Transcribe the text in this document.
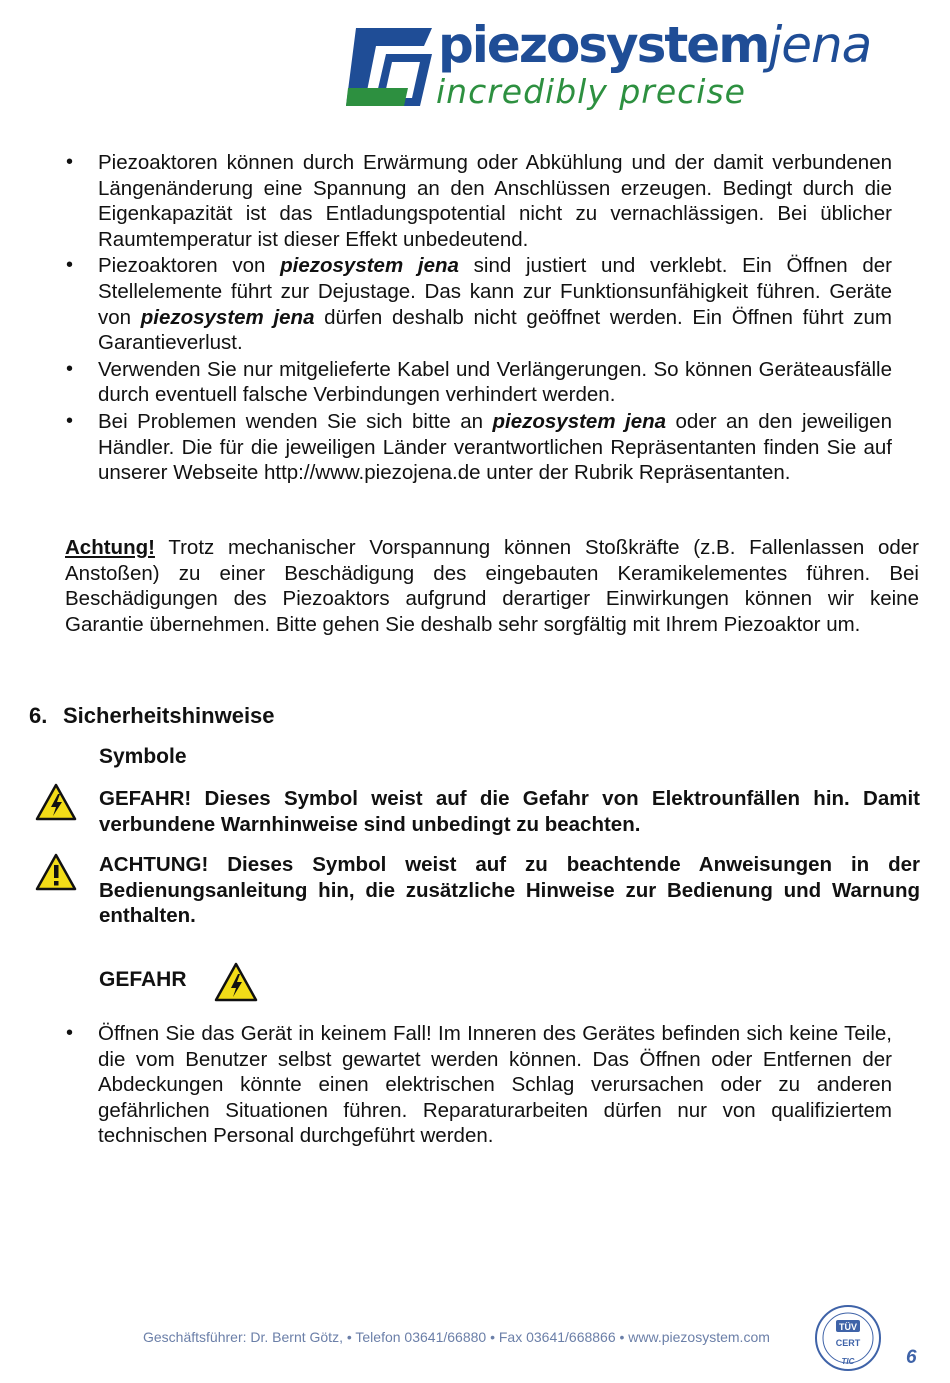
piezosystemjena
incredibly precise
• Piezoaktoren können durch Erwärmung oder Abkühlung und der damit verbundenen Längenänderung eine Spannung an den Anschlüssen erzeugen. Bedingt durch die Eigenkapazität ist das Entladungspotential nicht zu vernachlässigen. Bei üblicher Raumtemperatur ist dieser Effekt unbedeutend.
• Piezoaktoren von piezosystem jena sind justiert und verklebt. Ein Öffnen der Stellelemente führt zur Dejustage. Das kann zur Funktionsunfähigkeit führen. Geräte von piezosystem jena dürfen deshalb nicht geöffnet werden. Ein Öffnen führt zum Garantieverlust.
• Verwenden Sie nur mitgelieferte Kabel und Verlängerungen. So können Geräteausfälle durch eventuell falsche Verbindungen verhindert werden.
• Bei Problemen wenden Sie sich bitte an piezosystem jena oder an den jeweiligen Händler. Die für die jeweiligen Länder verantwortlichen Repräsentanten finden Sie auf unserer Webseite http://www.piezojena.de unter der Rubrik Repräsentanten.

Achtung! Trotz mechanischer Vorspannung können Stoßkräfte (z.B. Fallenlassen oder Anstoßen) zu einer Beschädigung des eingebauten Keramikelementes führen. Bei Beschädigungen des Piezoaktors aufgrund derartiger Einwirkungen können wir keine Garantie übernehmen. Bitte gehen Sie deshalb sehr sorgfältig mit Ihrem Piezoaktor um.

6. Sicherheitshinweise
Symbole
GEFAHR! Dieses Symbol weist auf die Gefahr von Elektrounfällen hin. Damit verbundene Warnhinweise sind unbedingt zu beachten.
ACHTUNG! Dieses Symbol weist auf zu beachtende Anweisungen in der Bedienungsanleitung hin, die zusätzliche Hinweise zur Bedienung und Warnung enthalten.
GEFAHR
• Öffnen Sie das Gerät in keinem Fall! Im Inneren des Gerätes befinden sich keine Teile, die vom Benutzer selbst gewartet werden können. Das Öffnen oder Entfernen der Abdeckungen könnte einen elektrischen Schlag verursachen oder zu anderen gefährlichen Situationen führen. Reparaturarbeiten dürfen nur von qualifiziertem technischen Personal durchgeführt werden.
Geschäftsführer: Dr. Bernt Götz, • Telefon 03641/66880 • Fax 03641/668866 • www.piezosystem.com
TÜV
CERT
TIC	6
